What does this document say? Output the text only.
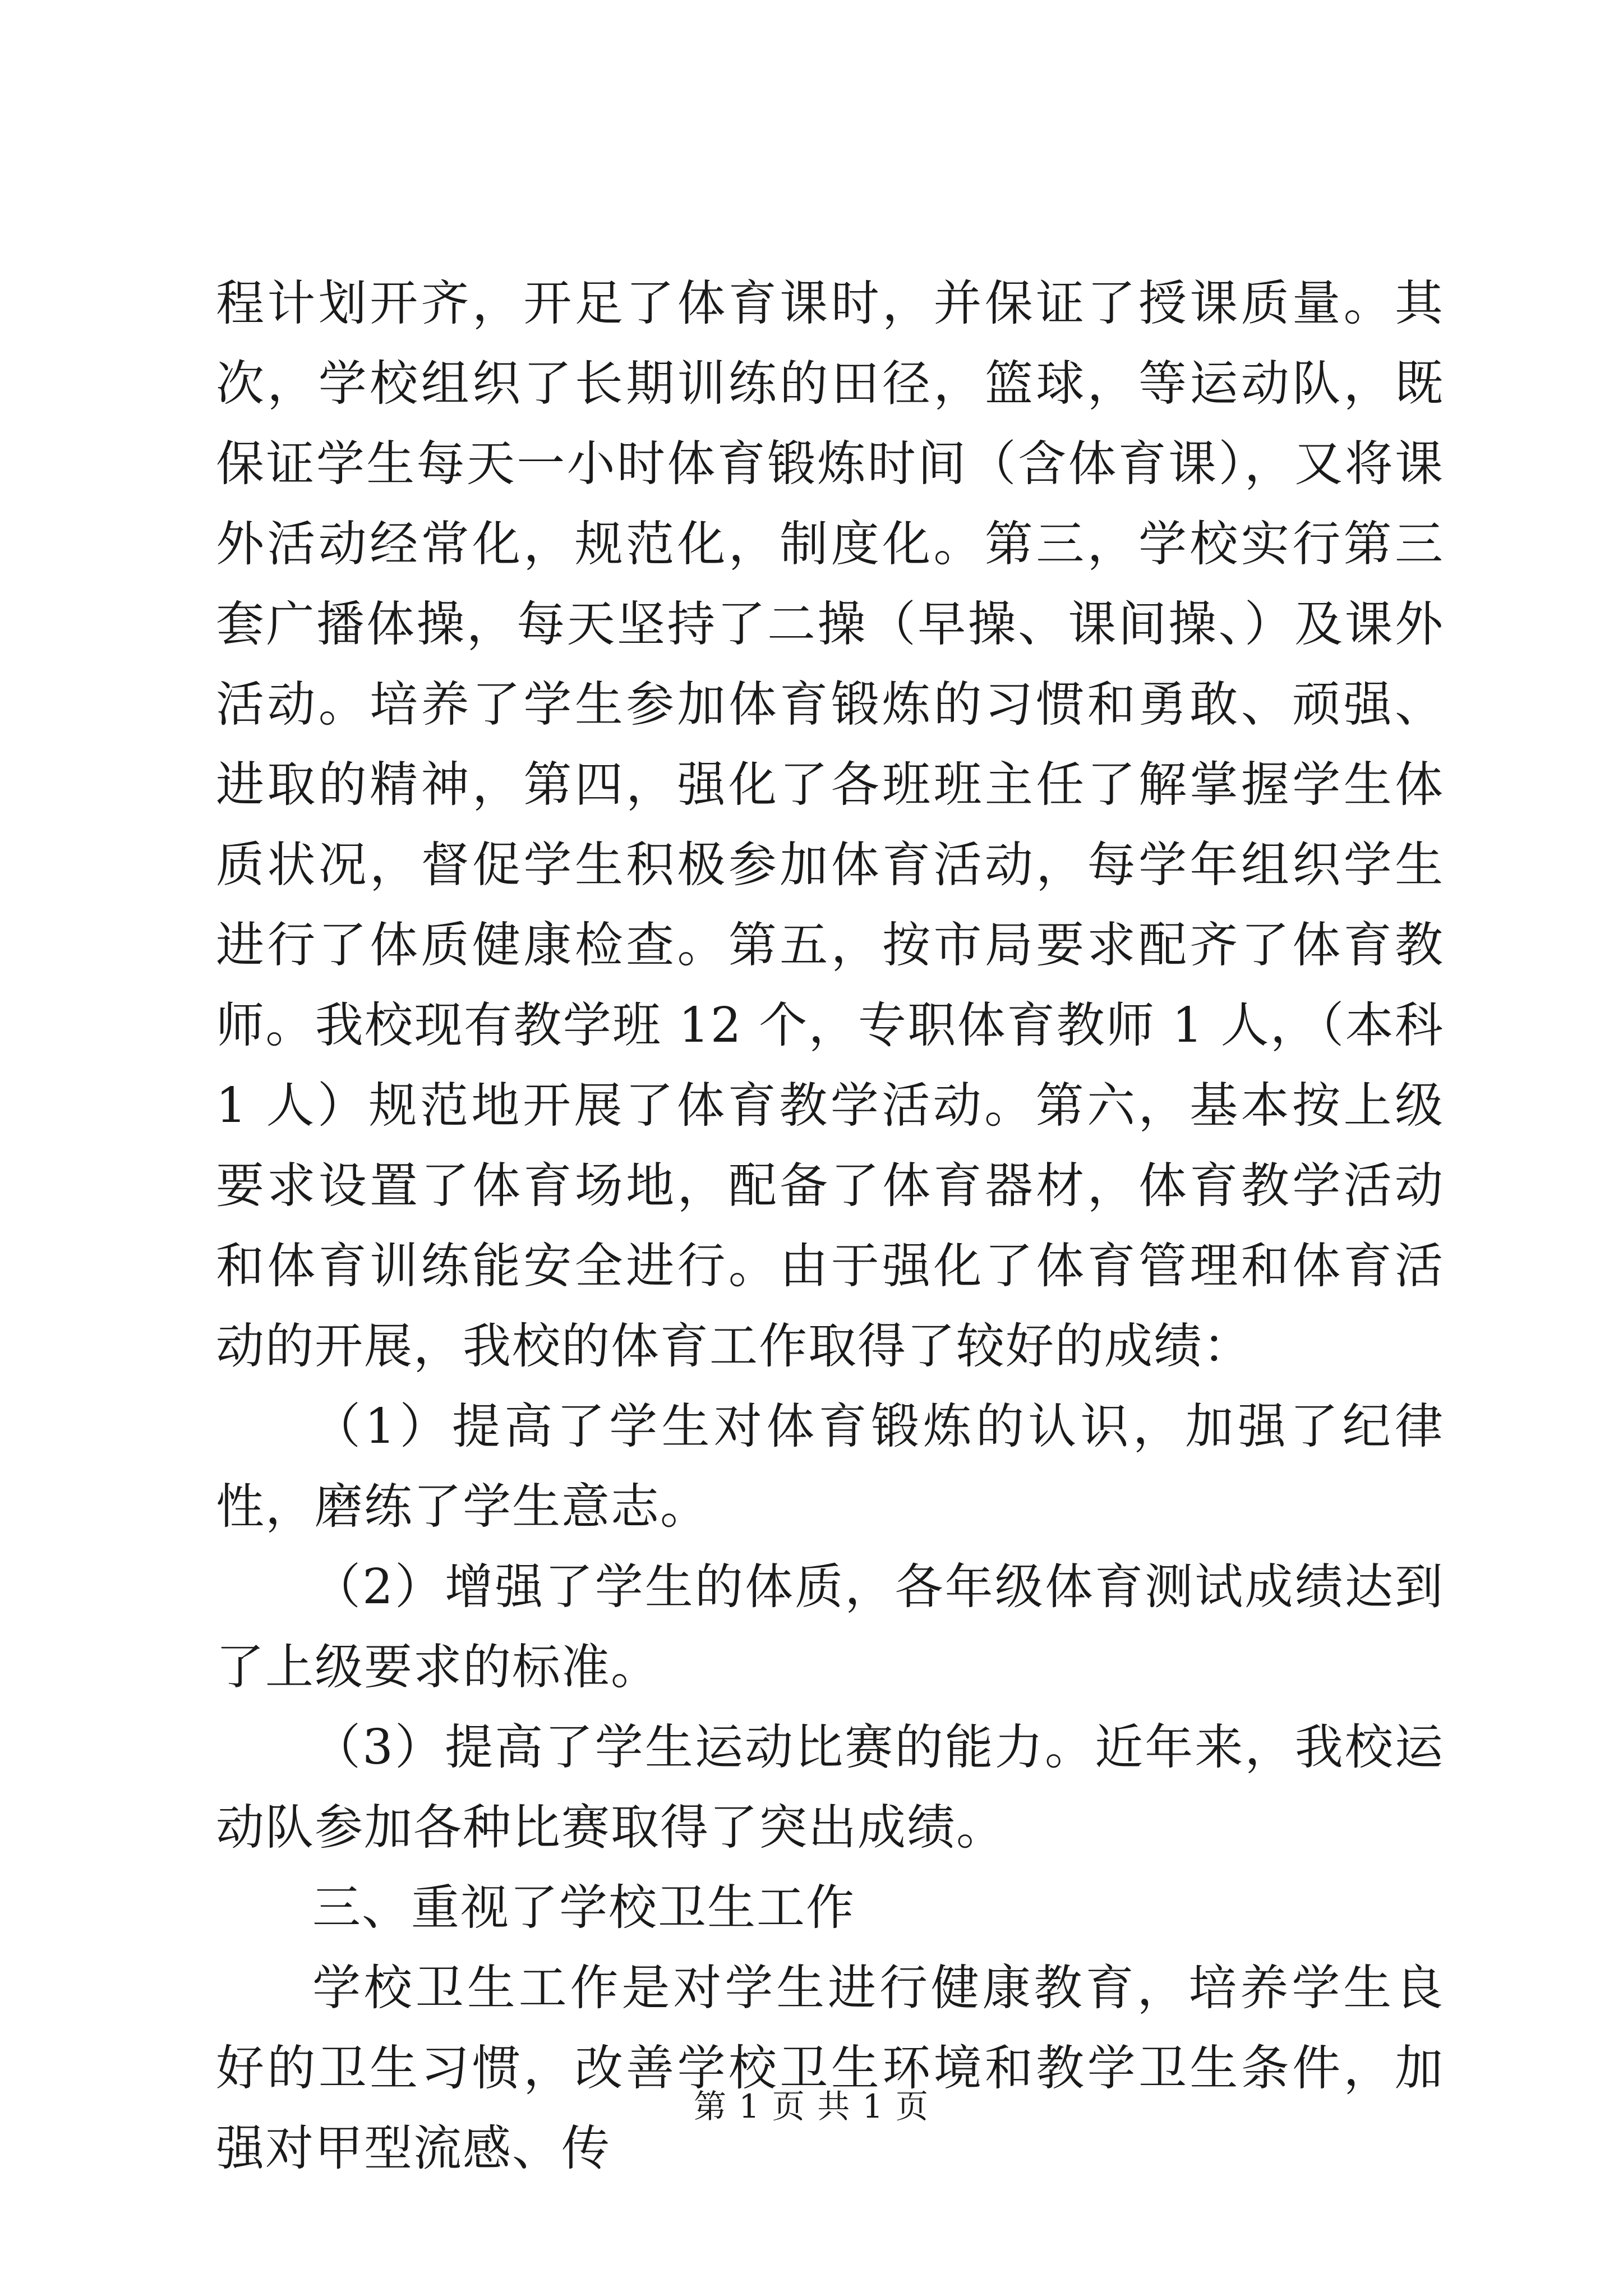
程计划开齐，开足了体育课时，并保证了授课质量。其次，学校组织了长期训练的田径，篮球，等运动队，既保证学生每天一小时体育锻炼时间（含体育课），又将课外活动经常化，规范化，制度化。第三，学校实行第三套广播体操，每天坚持了二操（早操、课间操、）及课外活动。培养了学生参加体育锻炼的习惯和勇敢、顽强、进取的精神，第四，强化了各班班主任了解掌握学生体质状况，督促学生积极参加体育活动，每学年组织学生进行了体质健康检查。第五，按市局要求配齐了体育教师。我校现有教学班 12 个，专职体育教师 1 人，（本科 1 人）规范地开展了体育教学活动。第六，基本按上级要求设置了体育场地，配备了体育器材，体育教学活动和体育训练能安全进行。由于强化了体育管理和体育活动的开展，我校的体育工作取得了较好的成绩：

（1）提高了学生对体育锻炼的认识，加强了纪律性，磨练了学生意志。

（2）增强了学生的体质，各年级体育测试成绩达到了上级要求的标准。

（3）提高了学生运动比赛的能力。近年来，我校运动队参加各种比赛取得了突出成绩。

三、重视了学校卫生工作

学校卫生工作是对学生进行健康教育，培养学生良好的卫生习惯，改善学校卫生环境和教学卫生条件，加强对甲型流感、传

第 1 页 共 1 页
